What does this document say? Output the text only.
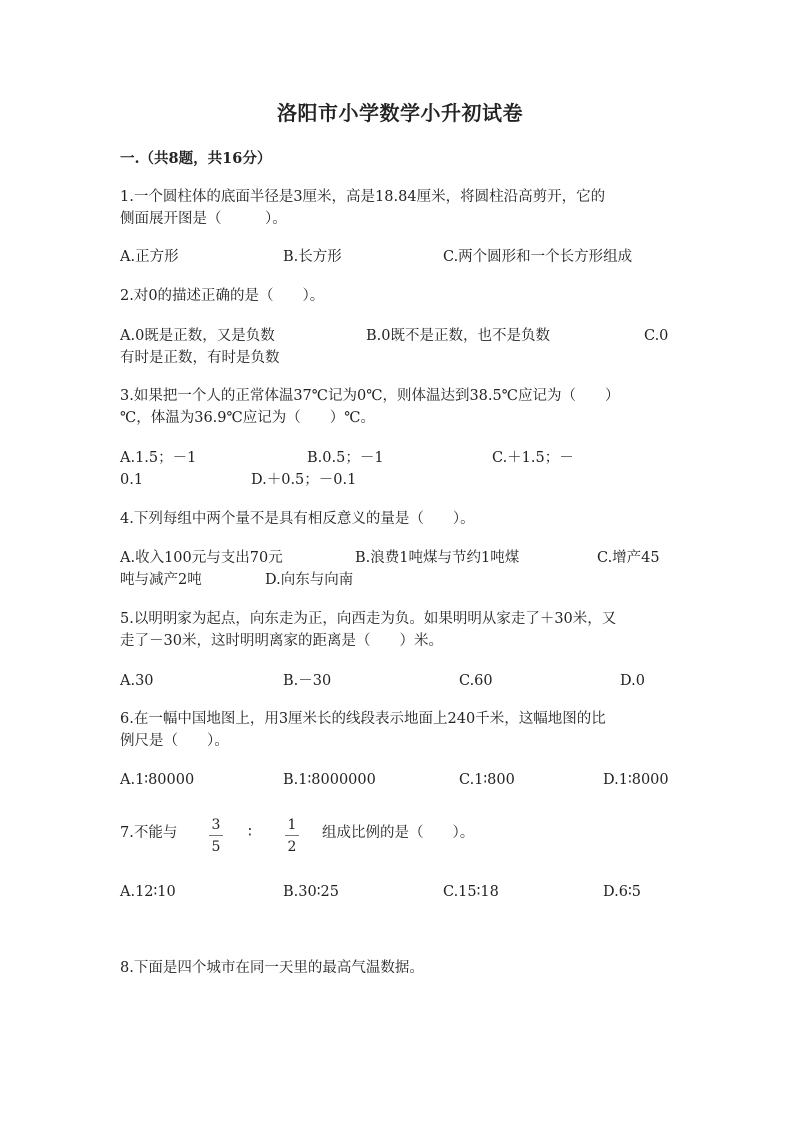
洛阳市小学数学小升初试卷
一.（共8题，共16分）
1.一个圆柱体的底面半径是3厘米，高是18.84厘米，将圆柱沿高剪开，它的
侧面展开图是（　　　）。
A.正方形	B.长方形	C.两个圆形和一个长方形组成
2.对0的描述正确的是（　　）。
A.0既是正数，又是负数	B.0既不是正数，也不是负数	C.0
有时是正数，有时是负数
3.如果把一个人的正常体温37℃记为0℃，则体温达到38.5℃应记为（　　）
℃，体温为36.9℃应记为（　　）℃。
A.1.5；－1	B.0.5；－1	C.＋1.5；－
0.1	D.＋0.5；－0.1
4.下列每组中两个量不是具有相反意义的量是（　　）。
A.收入100元与支出70元	B.浪费1吨煤与节约1吨煤	C.增产45
吨与减产2吨	D.向东与向南
5.以明明家为起点，向东走为正，向西走为负。如果明明从家走了＋30米，又
走了－30米，这时明明离家的距离是（　　）米。
A.30	B.－30	C.60	D.0
6.在一幅中国地图上，用3厘米长的线段表示地面上240千米，这幅地图的比
例尺是（　　）。
A.1∶80000	B.1∶8000000	C.1∶800	D.1∶8000
7.不能与 3
5
∶	1
2
组成比例的是（　　）。
A.12∶10	B.30∶25	C.15∶18	D.6∶5
8.下面是四个城市在同一天里的最高气温数据。
